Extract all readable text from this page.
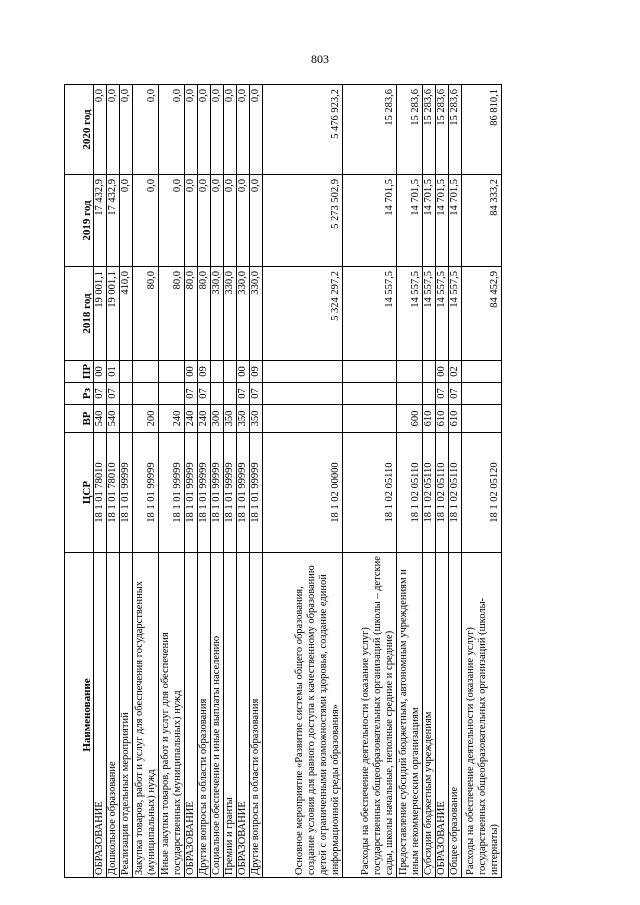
803
Наименование	ЦСР	ВР	Рз	ПР	2018 год	2019 год	2020 год
ОБРАЗОВАНИЕ	18 1 01 78010	540	07	00	19 001,1	17 432,9	0,0
Дошкольное образование	18 1 01 78010	540	07	01	19 001,1	17 432,9	0,0
Реализация отдельных мероприятий	18 1 01 99999				410,0	0,0	0,0
Закупка товаров, работ и услуг для обеспечения государственных (муниципальных) нужд	18 1 01 99999	200			80,0	0,0	0,0
Иные закупки товаров, работ и услуг для обеспечения государственных (муниципальных) нужд	18 1 01 99999	240			80,0	0,0	0,0
ОБРАЗОВАНИЕ	18 1 01 99999	240	07	00	80,0	0,0	0,0
Другие вопросы в области образования	18 1 01 99999	240	07	09	80,0	0,0	0,0
Социальное обеспечение и иные выплаты населению	18 1 01 99999	300			330,0	0,0	0,0
Премии и гранты	18 1 01 99999	350			330,0	0,0	0,0
ОБРАЗОВАНИЕ	18 1 01 99999	350	07	00	330,0	0,0	0,0
Другие вопросы в области образования	18 1 01 99999	350	07	09	330,0	0,0	0,0
Основное мероприятие «Развитие системы общего образования, создание условия для равного доступа к качественному образованию детей с ограниченными возможностями здоровья, создание единой информационной среды образования»	18 1 02 00000				5 324 297,2	5 273 502,9	5 476 923,2
Расходы на обеспечение деятельности (оказание услуг) государственных общеобразовательных организаций (школы – детские сады, школы начальные, неполные средние и средние)	18 1 02 05110				14 557,5	14 701,5	15 283,6
Предоставление субсидий бюджетным, автономным учреждениям и иным некоммерческим организациям	18 1 02 05110	600			14 557,5	14 701,5	15 283,6
Субсидии бюджетным учреждениям	18 1 02 05110	610			14 557,5	14 701,5	15 283,6
ОБРАЗОВАНИЕ	18 1 02 05110	610	07	00	14 557,5	14 701,5	15 283,6
Общее образование	18 1 02 05110	610	07	02	14 557,5	14 701,5	15 283,6
Расходы на обеспечение деятельности (оказание услуг) государственных общеобразовательных организаций (школы-интернаты)	18 1 02 05120				84 452,9	84 333,2	86 810,1
